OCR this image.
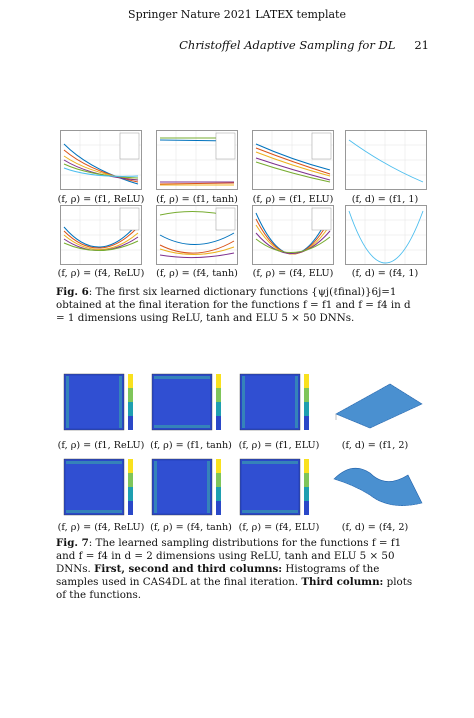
Springer Nature 2021 LATEX template
Christoffel Adaptive Sampling for DL 21
(f, ρ) = (f1, ReLU)	(f, ρ) = (f1, tanh)	(f, ρ) = (f1, ELU)	(f, d) = (f1, 1)
(f, ρ) = (f4, ReLU)	(f, ρ) = (f4, tanh)	(f, ρ) = (f4, ELU)	(f, d) = (f4, 1)
Fig. 6: The first six learned dictionary functions {ψj(ℓfinal)}6j=1 obtained at the final iteration for the functions f = f1 and f = f4 in d = 1 dimensions using ReLU, tanh and ELU 5 × 50 DNNs.
(f, ρ) = (f1, ReLU) (f, ρ) = (f1, tanh) (f, ρ) = (f1, ELU)	(f, d) = (f1, 2)
(f, ρ) = (f4, ReLU) (f, ρ) = (f4, tanh) (f, ρ) = (f4, ELU)	(f, d) = (f4, 2)
Fig. 7: The learned sampling distributions for the functions f = f1 and f = f4 in d = 2 dimensions using ReLU, tanh and ELU 5 × 50 DNNs. First, second and third columns: Histograms of the samples used in CAS4DL at the final iteration. Third column: plots of the functions.
